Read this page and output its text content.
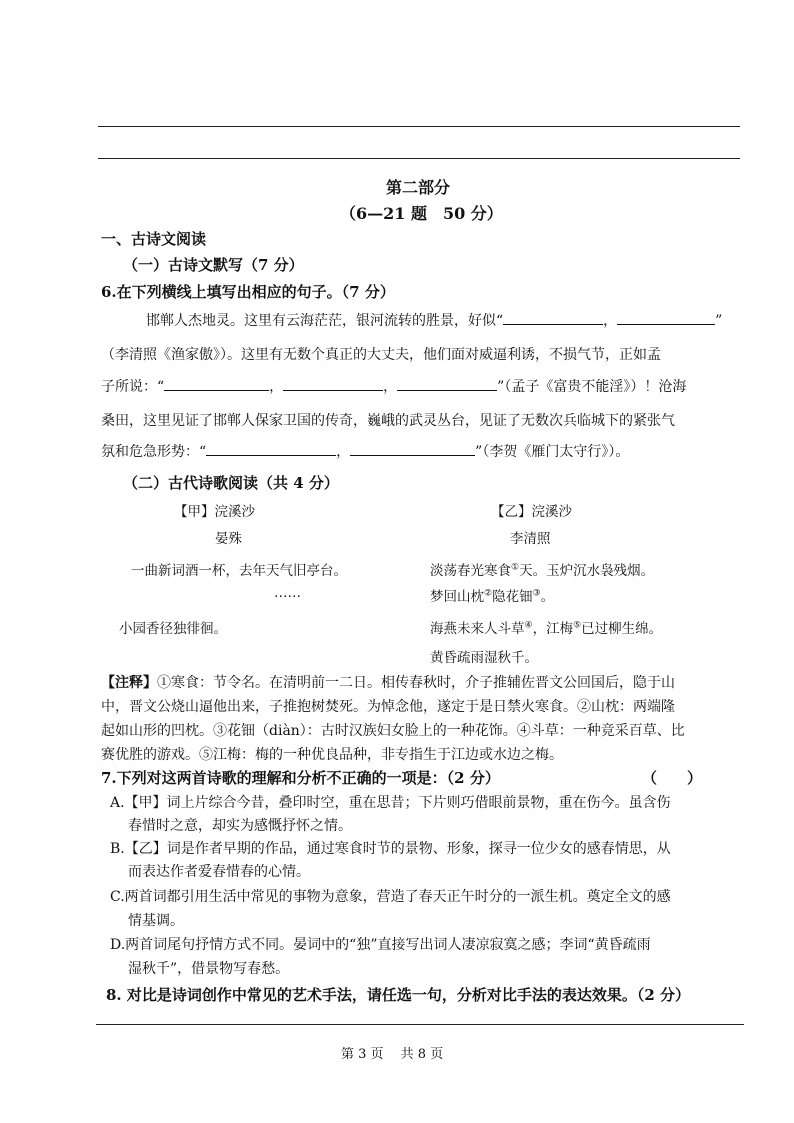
第二部分
（6—21 题　50 分）
一、古诗文阅读
（一）古诗文默写（7 分）
6.在下列横线上填写出相应的句子。（7 分）
邯郸人杰地灵。这里有云海茫茫，银河流转的胜景，好似“	，	”
（李清照《渔家傲》）。这里有无数个真正的大丈夫，他们面对威逼利诱，不损气节，正如孟
子所说：“	，	，	”（孟子《富贵不能淫》）！沧海
桑田，这里见证了邯郸人保家卫国的传奇，巍峨的武灵丛台，见证了无数次兵临城下的紧张气
氛和危急形势：“	，	”（李贺《雁门太守行》）。
（二）古代诗歌阅读（共 4 分）
【甲】浣溪沙
晏殊
一曲新词酒一杯，去年天气旧亭台。
……
小园香径独徘徊。
【乙】浣溪沙
李清照
淡荡春光寒食①天。玉炉沉水袅残烟。
梦回山枕②隐花钿③。
海燕未来人斗草④，江梅⑤已过柳生绵。
黄昏疏雨湿秋千。
【注释】①寒食：节令名。在清明前一二日。相传春秋时，介子推辅佐晋文公回国后，隐于山
中，晋文公烧山逼他出来，子推抱树焚死。为悼念他，遂定于是日禁火寒食。②山枕：两端隆
起如山形的凹枕。③花钿（diàn）：古时汉族妇女脸上的一种花饰。④斗草：一种竞采百草、比
赛优胜的游戏。⑤江梅：梅的一种优良品种，非专指生于江边或水边之梅。
7.下列对这两首诗歌的理解和分析不正确的一项是：（2 分）	（　　）
A.【甲】词上片综合今昔，叠印时空，重在思昔；下片则巧借眼前景物，重在伤今。虽含伤
春惜时之意，却实为感慨抒怀之情。
B.【乙】词是作者早期的作品，通过寒食时节的景物、形象，探寻一位少女的感春情思，从
而表达作者爱春惜春的心情。
C.两首词都引用生活中常见的事物为意象，营造了春天正午时分的一派生机。奠定全文的感
情基调。
D.两首词尾句抒情方式不同。晏词中的“独”直接写出词人凄凉寂寞之感；李词“黄昏疏雨
湿秋千”，借景物写春愁。
8. 对比是诗词创作中常见的艺术手法，请任选一句，分析对比手法的表达效果。（2 分）
第 3 页　 共 8 页
